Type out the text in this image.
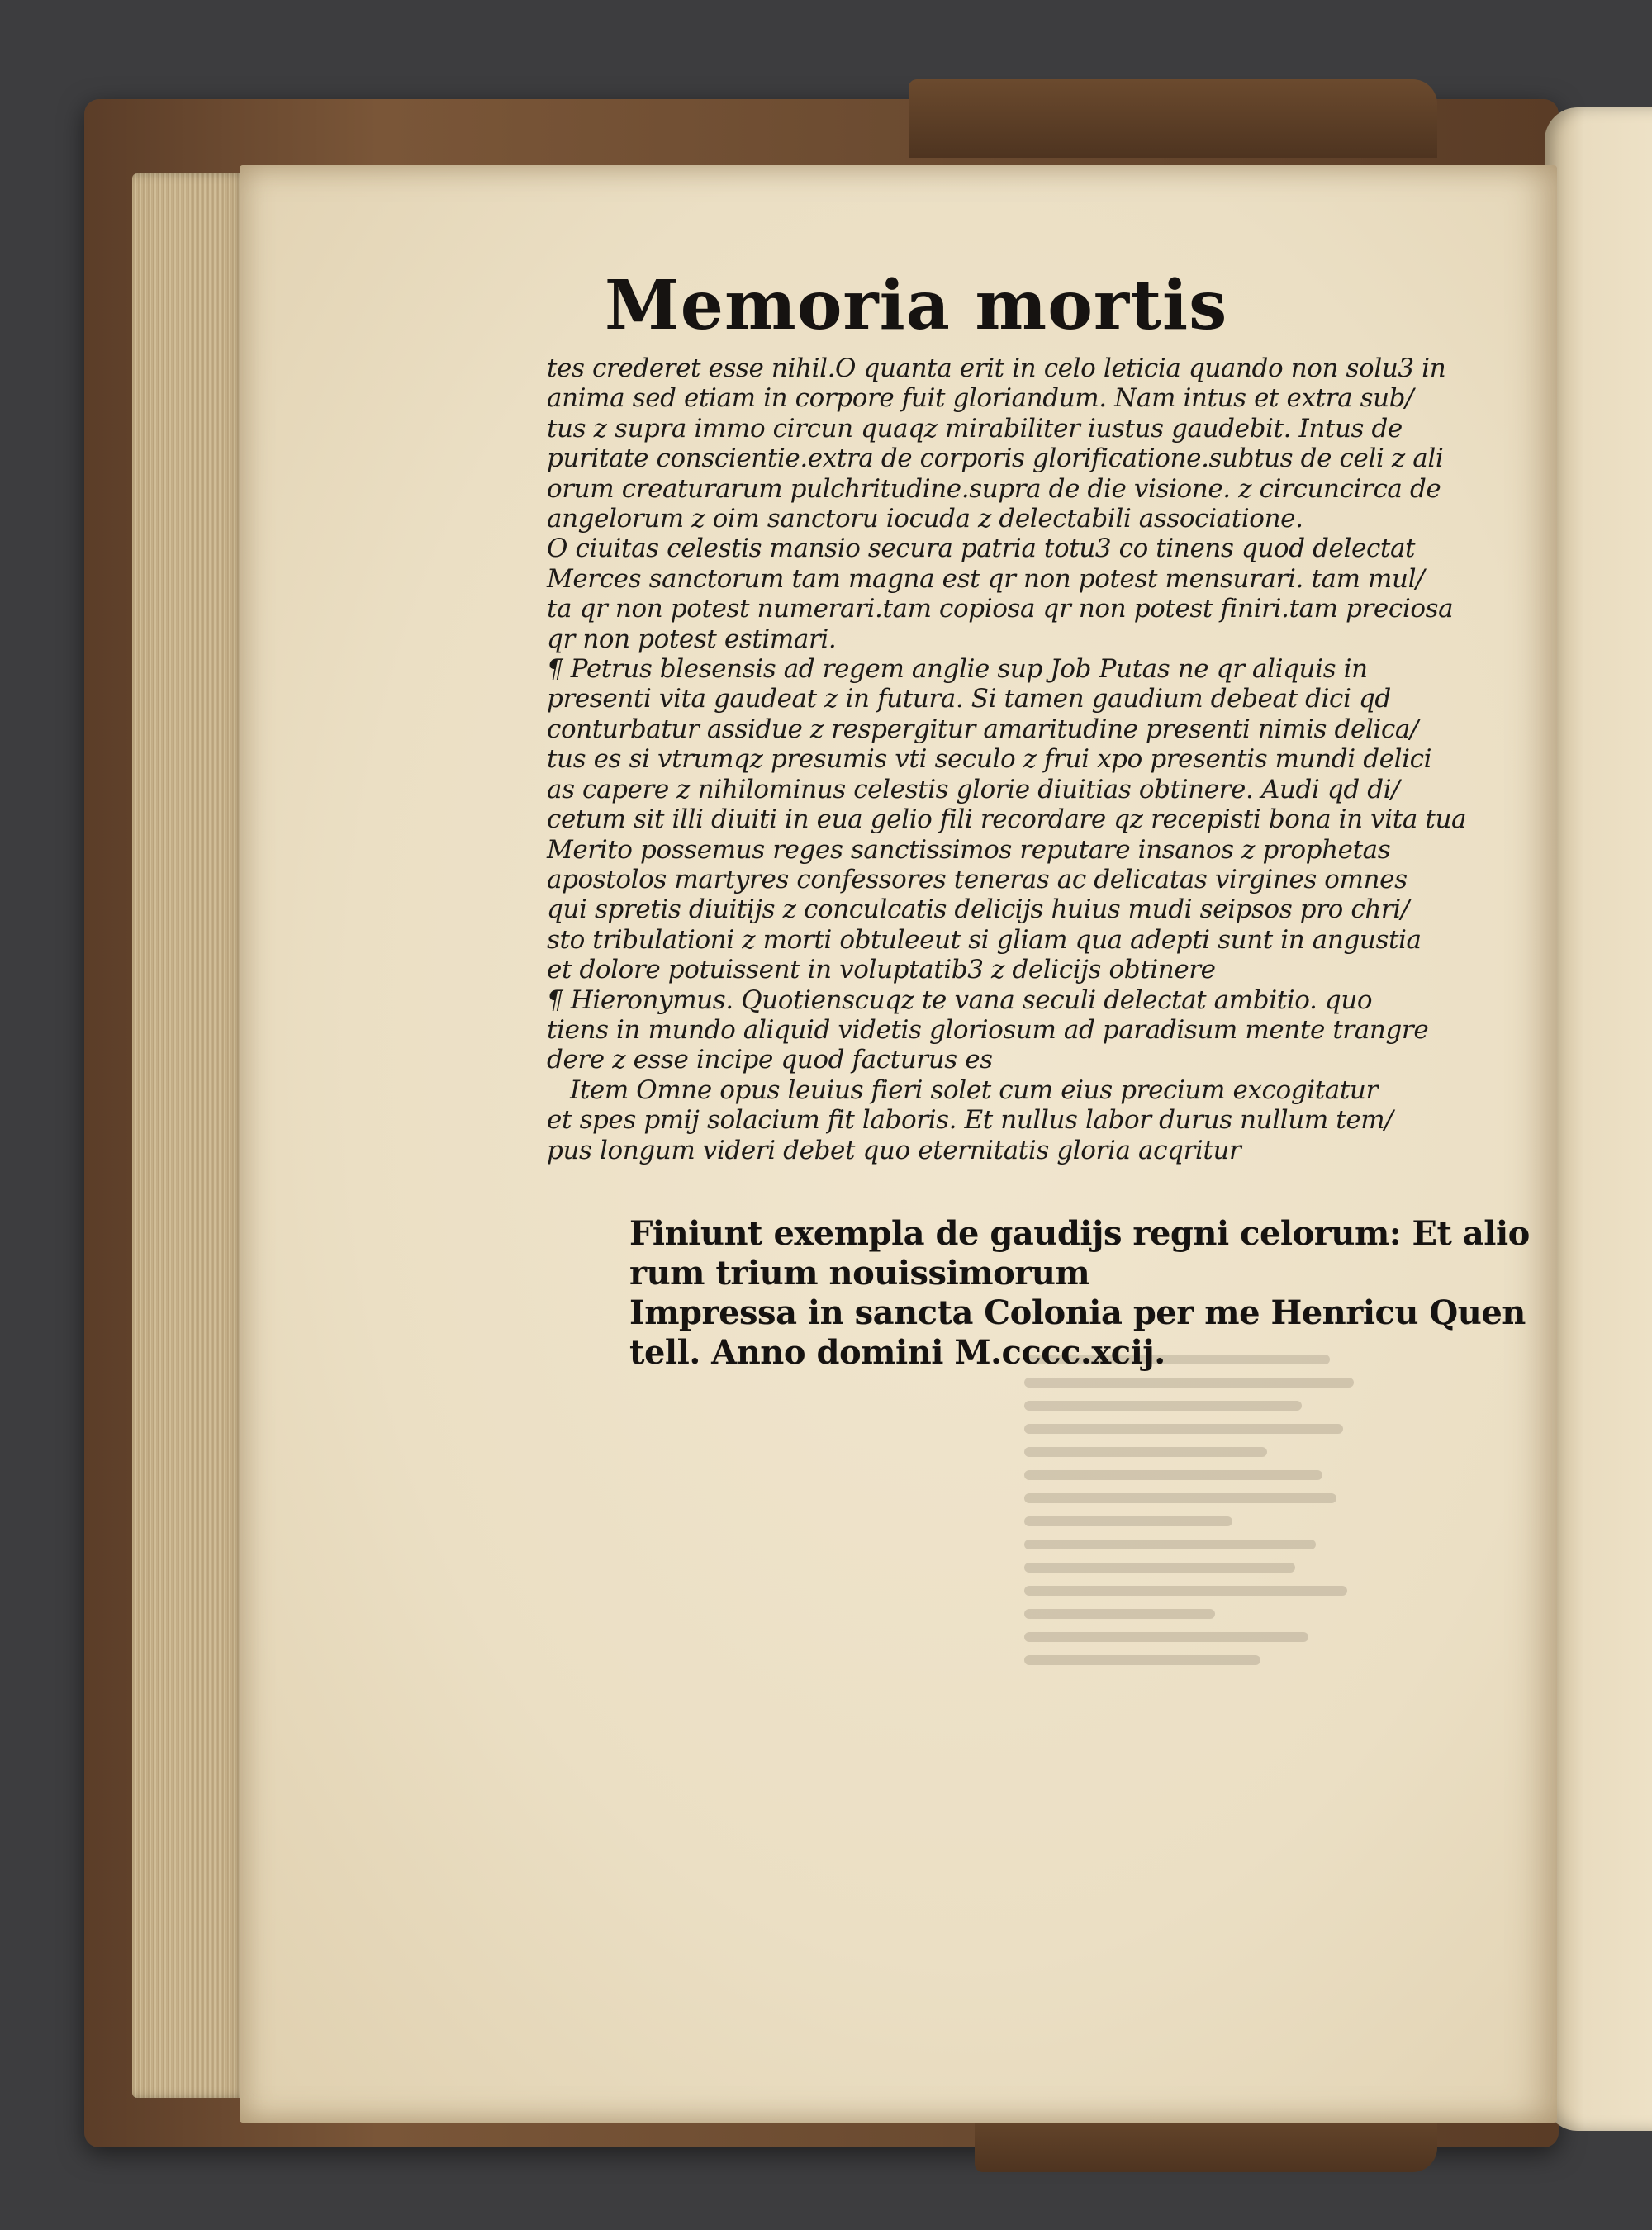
Memoria mortis
tes crederet esse nihil.O quanta erit in celo leticia quando non solu3 in
anima sed etiam in corpore fuit gloriandum. Nam intus et extra sub/
tus z supra immo circun quaqz mirabiliter iustus gaudebit. Intus de
puritate conscientie.extra de corporis glorificatione.subtus de celi z ali
orum creaturarum pulchritudine.supra de die visione. z circuncirca de
angelorum z oim sanctoru iocuda z delectabili associatione.
O ciuitas celestis mansio secura patria totu3 co tinens quod delectat
Merces sanctorum tam magna est qr non potest mensurari. tam mul/
ta qr non potest numerari.tam copiosa qr non potest finiri.tam preciosa
qr non potest estimari.
¶ Petrus blesensis ad regem anglie sup Job Putas ne qr aliquis in
presenti vita gaudeat z in futura. Si tamen gaudium debeat dici qd
conturbatur assidue z respergitur amaritudine presenti nimis delica/
tus es si vtrumqz presumis vti seculo z frui xpo presentis mundi delici
as capere z nihilominus celestis glorie diuitias obtinere. Audi qd di/
cetum sit illi diuiti in eua gelio fili recordare qz recepisti bona in vita tua
Merito possemus reges sanctissimos reputare insanos z prophetas
apostolos martyres confessores teneras ac delicatas virgines omnes
qui spretis diuitijs z conculcatis delicijs huius mudi seipsos pro chri/
sto tribulationi z morti obtuleeut si gliam qua adepti sunt in angustia
et dolore potuissent in voluptatib3 z delicijs obtinere
¶ Hieronymus. Quotienscuqz te vana seculi delectat ambitio. quo
tiens in mundo aliquid videtis gloriosum ad paradisum mente trangre
dere z esse incipe quod facturus es
Item Omne opus leuius fieri solet cum eius precium excogitatur
et spes pmij solacium fit laboris. Et nullus labor durus nullum tem/
pus longum videri debet quo eternitatis gloria acqritur
Finiunt exempla de gaudijs regni celorum: Et alio
rum trium nouissimorum
Impressa in sancta Colonia per me Henricu Quen
tell. Anno domini M.cccc.xcij.
